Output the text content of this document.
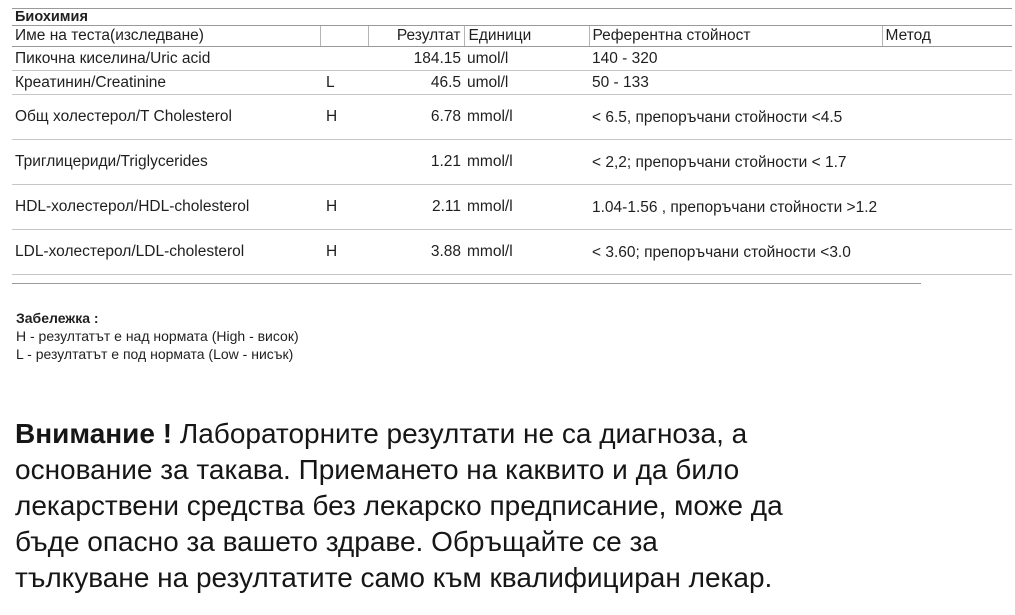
Биохимия					
Име на теста(изследване)		Резултат	Единици	Референтна стойност	Метод
Пикочна киселина/Uric acid		184.15	umol/l	140 - 320	
Креатинин/Creatinine	L	46.5	umol/l	50 - 133	
Общ холестерол/T Cholesterol	H	6.78	mmol/l	< 6.5, препоръчани стойности <4.5	
Триглицериди/Triglycerides		1.21	mmol/l	< 2,2; препоръчани стойности < 1.7	
HDL-холестерол/HDL-cholesterol	H	2.11	mmol/l	1.04-1.56 , препоръчани стойности >1.2	
LDL-холестерол/LDL-cholesterol	H	3.88	mmol/l	< 3.60; препоръчани стойности <3.0	
Забележка :
H - резултатът е над нормата (High - висок)
L - резултатът е под нормата (Low - нисък)
Внимание ! Лабораторните резултати не са диагноза, а
основание за такава. Приемането на каквито и да било
лекарствени средства без лекарско предписание, може да
бъде опасно за вашето здраве. Обръщайте се за
тълкуване на резултатите само към квалифициран лекар.
